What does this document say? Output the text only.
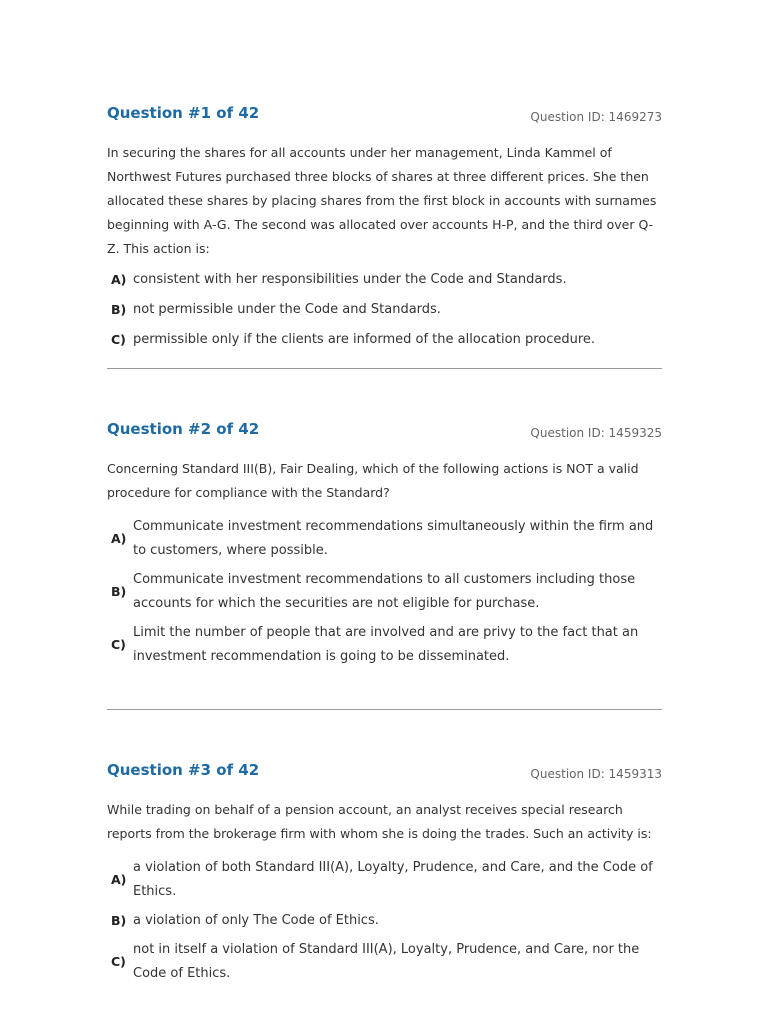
Question #1 of 42	Question ID: 1469273

In securing the shares for all accounts under her management, Linda Kammel of Northwest Futures purchased three blocks of shares at three different prices. She then allocated these shares by placing shares from the first block in accounts with surnames beginning with A-G. The second was allocated over accounts H-P, and the third over Q-Z. This action is:

A) consistent with her responsibilities under the Code and Standards.
B) not permissible under the Code and Standards.
C) permissible only if the clients are informed of the allocation procedure.
Question #2 of 42	Question ID: 1459325

Concerning Standard III(B), Fair Dealing, which of the following actions is NOT a valid procedure for compliance with the Standard?

A)
Communicate investment recommendations simultaneously within the firm and to customers, where possible.
B)
Communicate investment recommendations to all customers including those accounts for which the securities are not eligible for purchase.
C)
Limit the number of people that are involved and are privy to the fact that an investment recommendation is going to be disseminated.
Question #3 of 42	Question ID: 1459313

While trading on behalf of a pension account, an analyst receives special research reports from the brokerage firm with whom she is doing the trades. Such an activity is:

A)
a violation of both Standard III(A), Loyalty, Prudence, and Care, and the Code of Ethics.
B) a violation of only The Code of Ethics.
C)
not in itself a violation of Standard III(A), Loyalty, Prudence, and Care, nor the Code of Ethics.
